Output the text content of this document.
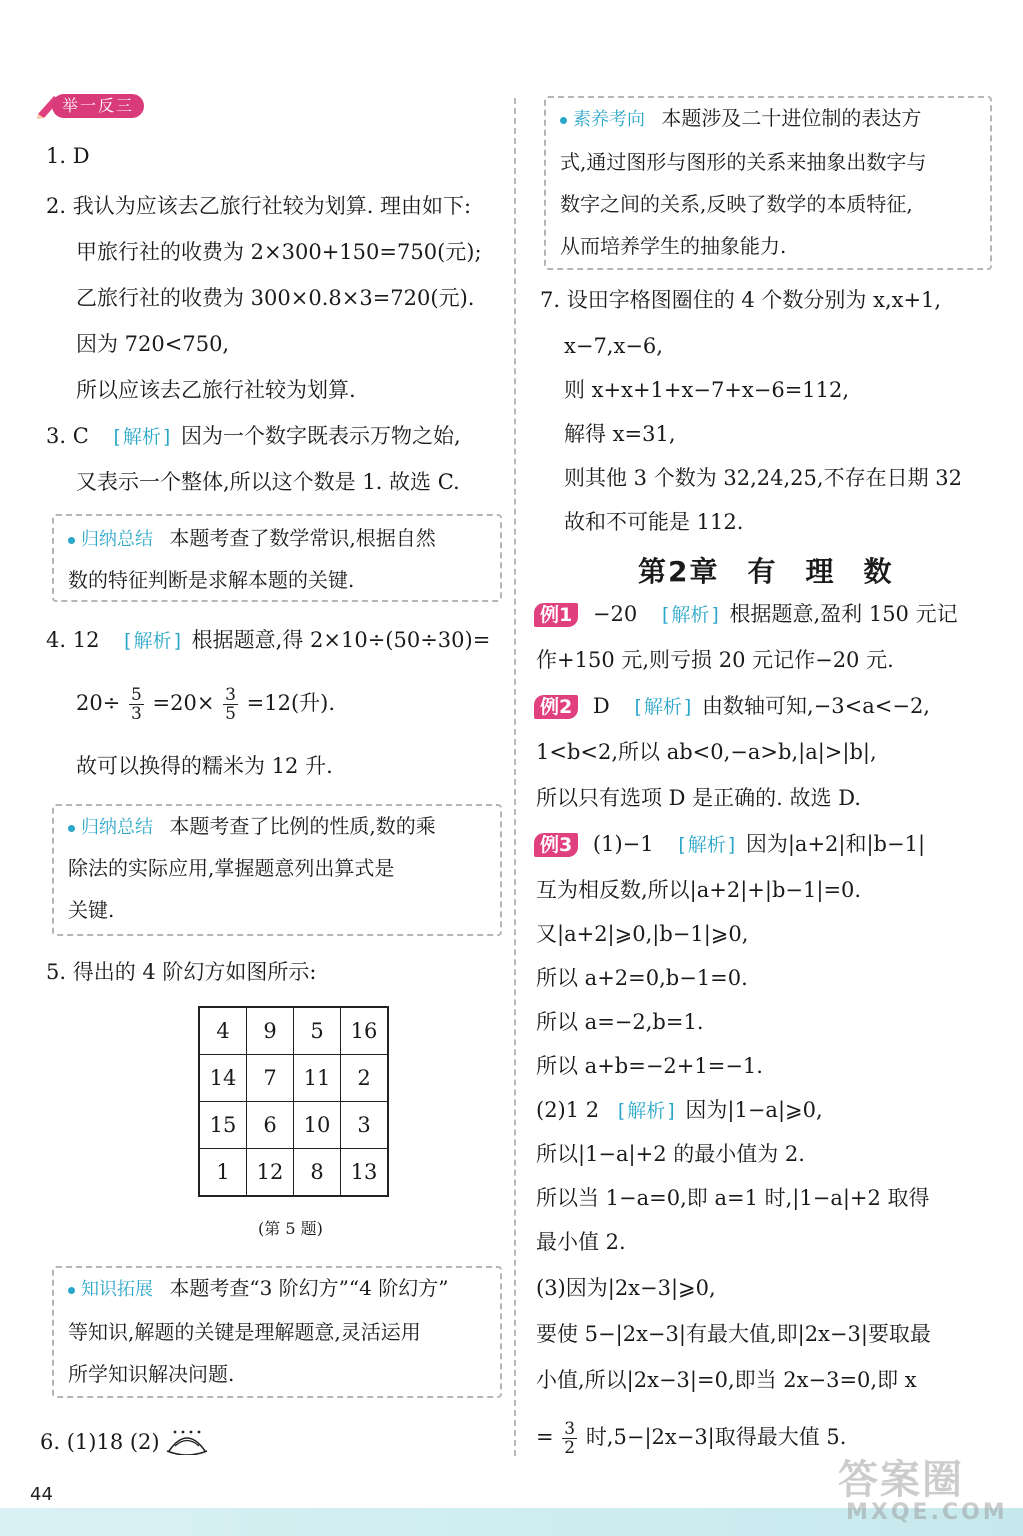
举一反三
1. D
2. 我认为应该去乙旅行社较为划算. 理由如下:
甲旅行社的收费为 2×300+150=750(元);
乙旅行社的收费为 300×0.8×3=720(元).
因为 720<750,
所以应该去乙旅行社较为划算.
3. C [ 解析 ] 因为一个数字既表示万物之始,
又表示一个整体,所以这个数是 1. 故选 C.
归纳总结 本题考查了数学常识,根据自然
数的特征判断是求解本题的关键.
4. 12 [ 解析 ] 根据题意,得 2×10÷(50÷30)=
$20\div \frac{5}{3} =20\times \frac{3}{5} =12$(升).
故可以换得的糯米为 12 升.
归纳总结 本题考查了比例的性质,数的乘
除法的实际应用,掌握题意列出算式是
关键.
5. 得出的 4 阶幻方如图所示:
4	9	5	16
14	7	11	2
15	6	10	3
1	12	8	13
(第 5 题)
知识拓展 本题考查“3 阶幻方”“4 阶幻方”
等知识,解题的关键是理解题意,灵活运用
所学知识解决问题.
6. (1)18 (2)
素养考向 本题涉及二十进位制的表达方
式,通过图形与图形的关系来抽象出数字与
数字之间的关系,反映了数学的本质特征,
从而培养学生的抽象能力.
7. 设田字格图圈住的 4 个数分别为 x,x+1,
x−7,x−6,
则 x+x+1+x−7+x−6=112,
解得 x=31,
则其他 3 个数为 32,24,25,不存在日期 32
故和不可能是 112.
第2章 有 理 数
例1 −20 [ 解析 ] 根据题意,盈利 150 元记
作+150 元,则亏损 20 元记作−20 元.
例2 D [ 解析 ] 由数轴可知,−3<a<−2,
1<b<2,所以 ab<0,−a>b,|a|>|b|,
所以只有选项 D 是正确的. 故选 D.
例3 (1)−1 [ 解析 ] 因为|a+2|和|b−1|
互为相反数,所以|a+2|+|b−1|=0.
又|a+2|⩾0,|b−1|⩾0,
所以 a+2=0,b−1=0.
所以 a=−2,b=1.
所以 a+b=−2+1=−1.
(2)1 2 [ 解析 ] 因为|1−a|⩾0,
所以|1−a|+2 的最小值为 2.
所以当 1−a=0,即 a=1 时,|1−a|+2 取得
最小值 2.
(3)因为|2x−3|⩾0,
要使 5−|2x−3|有最大值,即|2x−3|要取最
小值,所以|2x−3|=0,即当 2x−3=0,即 x
= $\frac{3}{2}$ 时,5−|2x−3|取得最大值 5.
44	答案圈
MXQE.COM
